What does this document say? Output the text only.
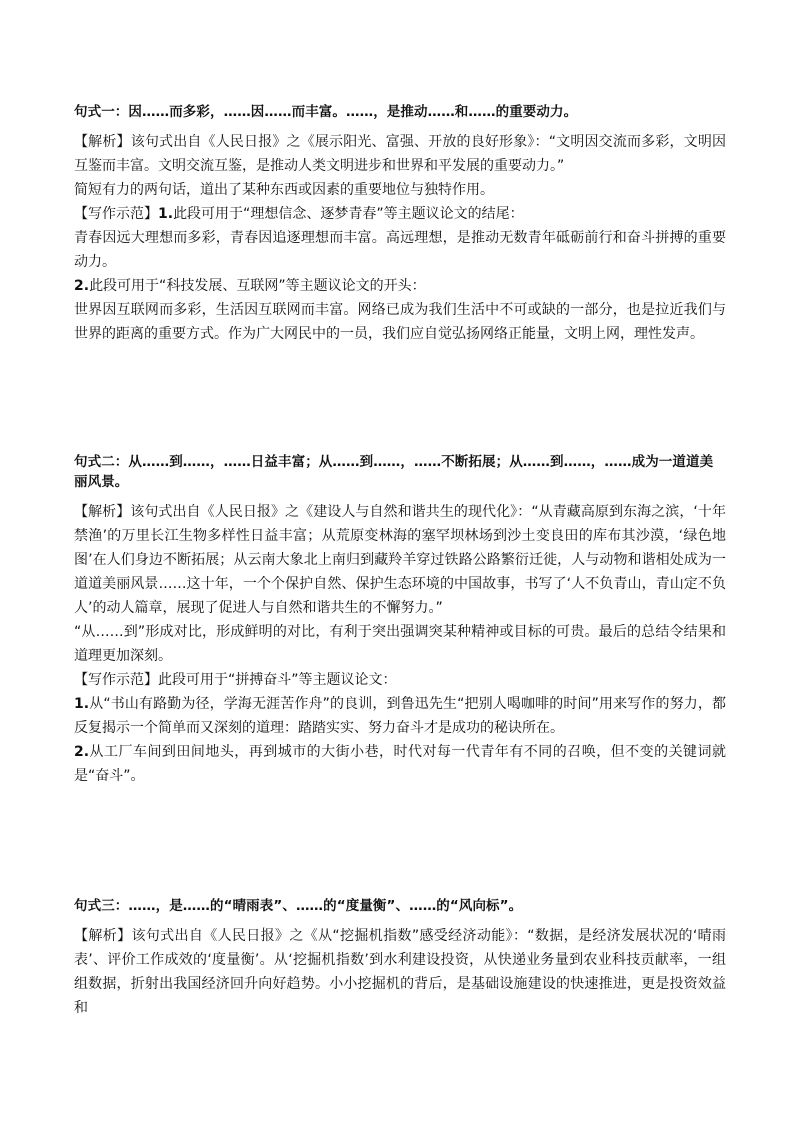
句式一：因……而多彩，……因……而丰富。……，是推动……和……的重要动力。

【解析】该句式出自《人民日报》之《展示阳光、富强、开放的良好形象》：“文明因交流而多彩，文明因互鉴而丰富。文明交流互鉴，是推动人类文明进步和世界和平发展的重要动力。”

简短有力的两句话，道出了某种东西或因素的重要地位与独特作用。

【写作示范】1.此段可用于“理想信念、逐梦青春”等主题议论文的结尾：

青春因远大理想而多彩，青春因追逐理想而丰富。高远理想，是推动无数青年砥砺前行和奋斗拼搏的重要动力。

2.此段可用于“科技发展、互联网”等主题议论文的开头：

世界因互联网而多彩，生活因互联网而丰富。网络已成为我们生活中不可或缺的一部分，也是拉近我们与世界的距离的重要方式。作为广大网民中的一员，我们应自觉弘扬网络正能量，文明上网，理性发声。

句式二：从……到……，……日益丰富；从……到……，……不断拓展；从……到……，……成为一道道美丽风景。

【解析】该句式出自《人民日报》之《建设人与自然和谐共生的现代化》：“从青藏高原到东海之滨，‘十年禁渔’的万里长江生物多样性日益丰富；从荒原变林海的塞罕坝林场到沙土变良田的库布其沙漠，‘绿色地图’在人们身边不断拓展；从云南大象北上南归到藏羚羊穿过铁路公路繁衍迁徙，人与动物和谐相处成为一道道美丽风景……这十年，一个个保护自然、保护生态环境的中国故事，书写了‘人不负青山，青山定不负人’的动人篇章，展现了促进人与自然和谐共生的不懈努力。”

“从……到”形成对比，形成鲜明的对比，有利于突出强调突某种精神或目标的可贵。最后的总结令结果和道理更加深刻。

【写作示范】此段可用于“拼搏奋斗”等主题议论文：

1.从“书山有路勤为径，学海无涯苦作舟”的良训，到鲁迅先生“把别人喝咖啡的时间”用来写作的努力，都反复揭示一个简单而又深刻的道理：踏踏实实、努力奋斗才是成功的秘诀所在。

2.从工厂车间到田间地头，再到城市的大街小巷，时代对每一代青年有不同的召唤，但不变的关键词就是“奋斗”。

句式三：……，是……的“晴雨表”、……的“度量衡”、……的“风向标”。

【解析】该句式出自《人民日报》之《从“挖掘机指数”感受经济动能》：“数据，是经济发展状况的‘晴雨表’、评价工作成效的‘度量衡’。从‘挖掘机指数’到水利建设投资，从快递业务量到农业科技贡献率，一组组数据，折射出我国经济回升向好趋势。小小挖掘机的背后，是基础设施建设的快速推进，更是投资效益和
